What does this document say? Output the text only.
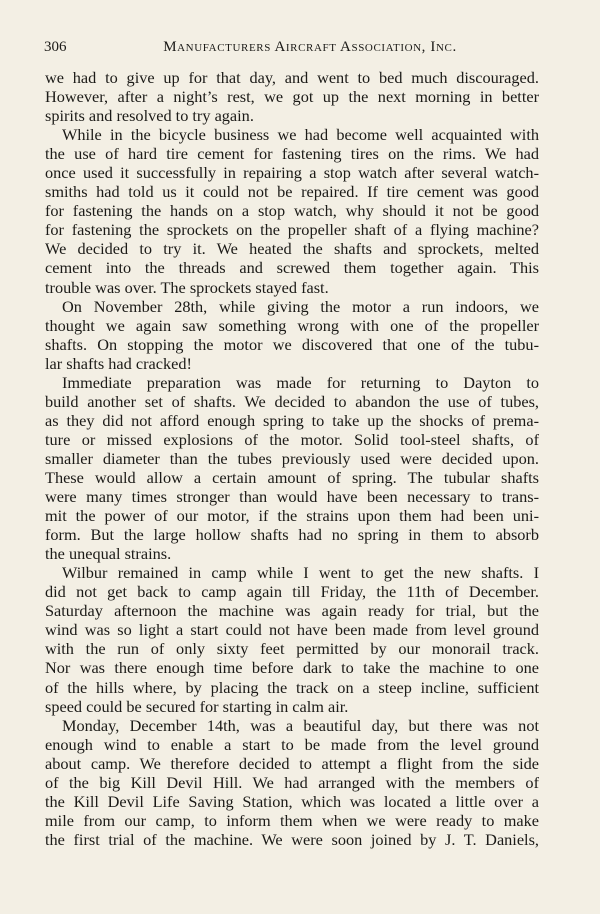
306	Manufacturers Aircraft Association, Inc.
we had to give up for that day, and went to bed much discouraged.
However, after a night’s rest, we got up the next morning in better
spirits and resolved to try again.
While in the bicycle business we had become well acquainted with
the use of hard tire cement for fastening tires on the rims. We had
once used it successfully in repairing a stop watch after several watch-
smiths had told us it could not be repaired. If tire cement was good
for fastening the hands on a stop watch, why should it not be good
for fastening the sprockets on the propeller shaft of a flying machine?
We decided to try it. We heated the shafts and sprockets, melted
cement into the threads and screwed them together again. This
trouble was over. The sprockets stayed fast.
On November 28th, while giving the motor a run indoors, we
thought we again saw something wrong with one of the propeller
shafts. On stopping the motor we discovered that one of the tubu-
lar shafts had cracked!
Immediate preparation was made for returning to Dayton to
build another set of shafts. We decided to abandon the use of tubes,
as they did not afford enough spring to take up the shocks of prema-
ture or missed explosions of the motor. Solid tool-steel shafts, of
smaller diameter than the tubes previously used were decided upon.
These would allow a certain amount of spring. The tubular shafts
were many times stronger than would have been necessary to trans-
mit the power of our motor, if the strains upon them had been uni-
form. But the large hollow shafts had no spring in them to absorb
the unequal strains.
Wilbur remained in camp while I went to get the new shafts. I
did not get back to camp again till Friday, the 11th of December.
Saturday afternoon the machine was again ready for trial, but the
wind was so light a start could not have been made from level ground
with the run of only sixty feet permitted by our monorail track.
Nor was there enough time before dark to take the machine to one
of the hills where, by placing the track on a steep incline, sufficient
speed could be secured for starting in calm air.
Monday, December 14th, was a beautiful day, but there was not
enough wind to enable a start to be made from the level ground
about camp. We therefore decided to attempt a flight from the side
of the big Kill Devil Hill. We had arranged with the members of
the Kill Devil Life Saving Station, which was located a little over a
mile from our camp, to inform them when we were ready to make
the first trial of the machine. We were soon joined by J. T. Daniels,
